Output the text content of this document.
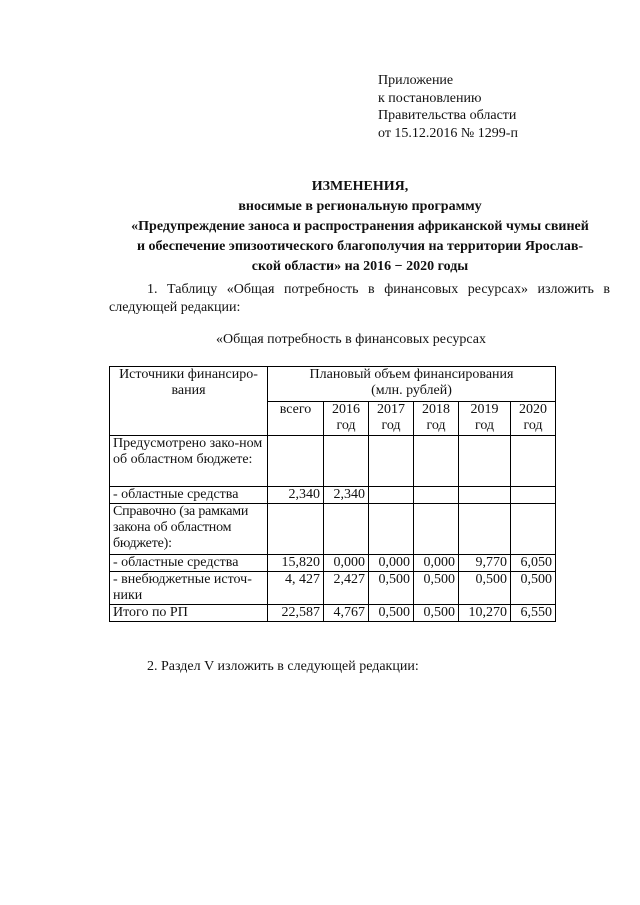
Приложение
к постановлению
Правительства области
от 15.12.2016 № 1299-п
ИЗМЕНЕНИЯ,
вносимые в региональную программу
«Предупреждение заноса и распространения африканской чумы свиней
и обеспечение эпизоотического благополучия на территории Ярослав-
ской области» на 2016 − 2020 годы
1. Таблицу «Общая потребность в финансовых ресурсах» изложить в следующей редакции:
«Общая потребность в финансовых ресурсах
Источники финансиро-вания	Плановый объем финансирования
(млн. рублей)					

	всего	2016 год	2017 год	2018 год	2019 год	2020 год
Предусмотрено зако-ном об областном бюджете:						
- областные средства	2,340	2,340				
Справочно (за рамками закона об областном бюджете):						
- областные средства	15,820	0,000	0,000	0,000	9,770	6,050
- внебюджетные источ-ники	4, 427	2,427	0,500	0,500	0,500	0,500
Итого по РП	22,587	4,767	0,500	0,500	10,270	6,550
2. Раздел V изложить в следующей редакции:
